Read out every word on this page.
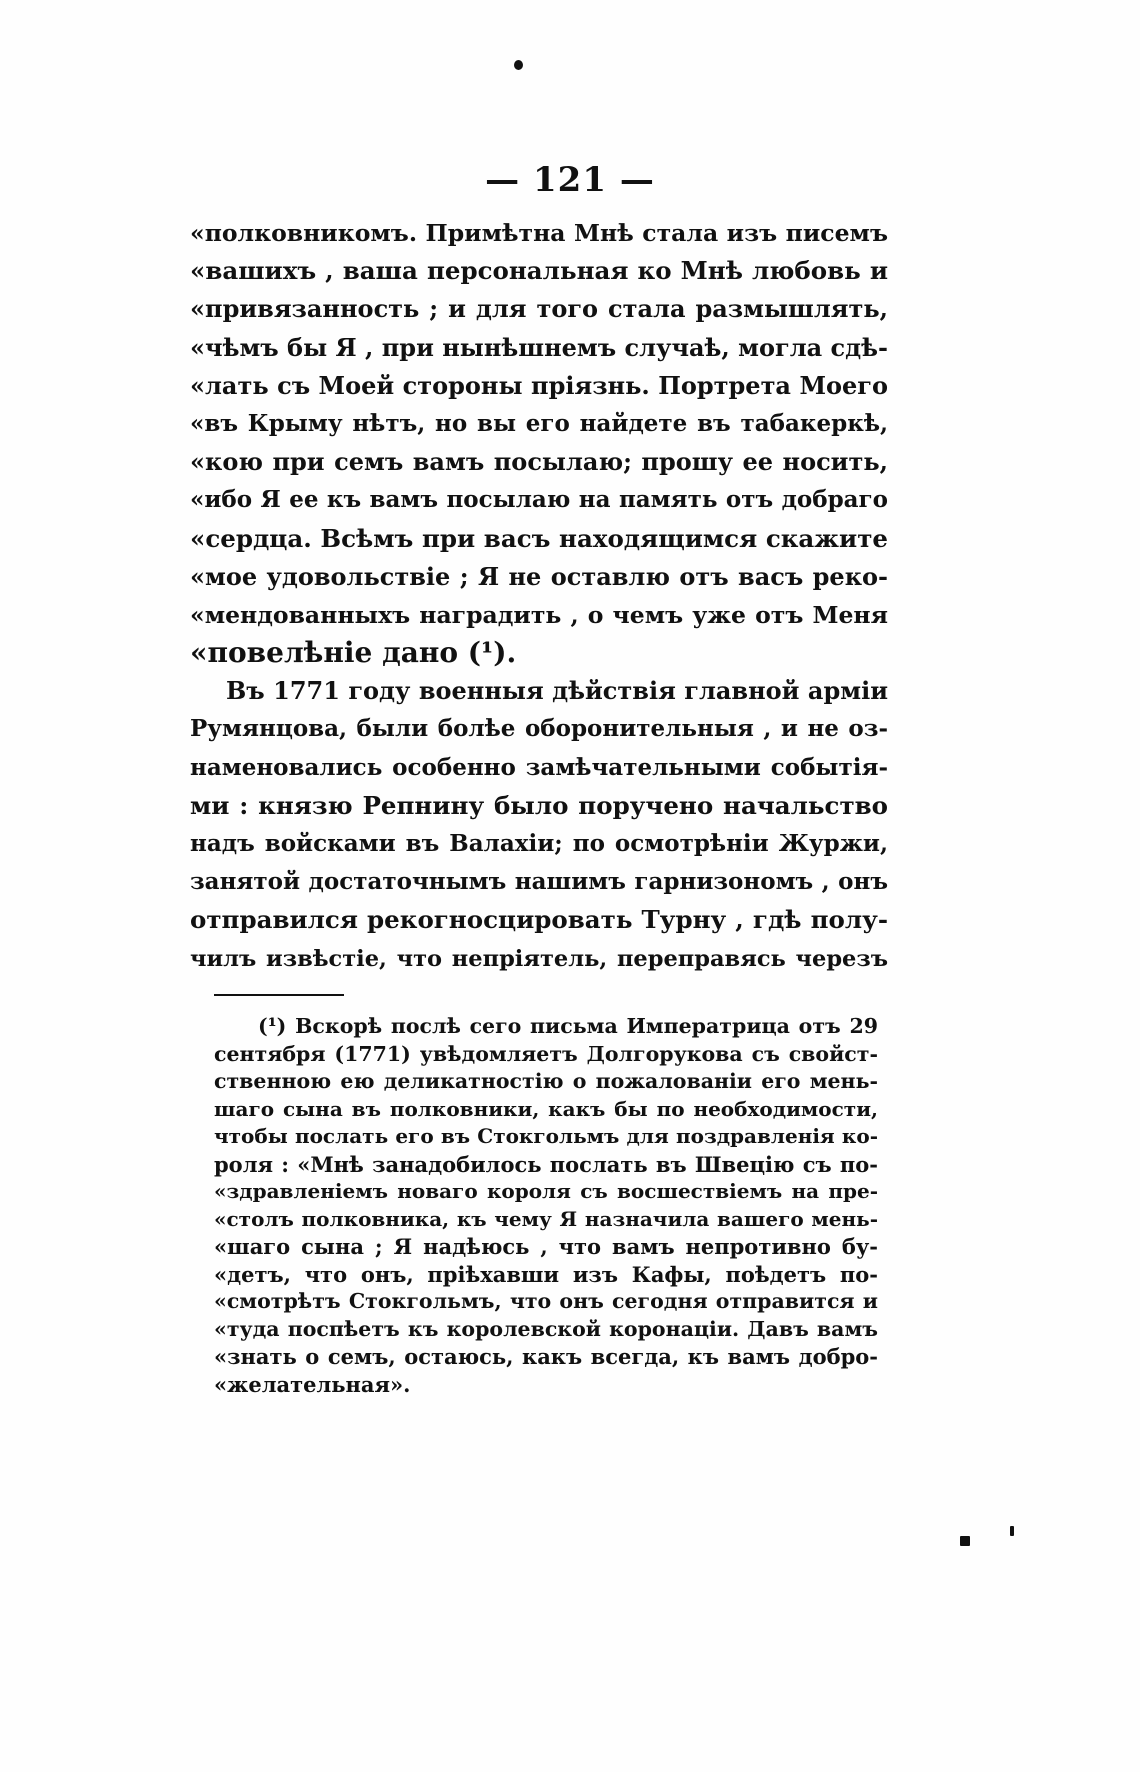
— 121 —
«полковникомъ. Примѣтна Мнѣ стала изъ писемъ
«вашихъ , ваша персональная ко Мнѣ любовь и
«привязанность ; и для того стала размышлять,
«чѣмъ бы Я , при нынѣшнемъ случаѣ, могла сдѣ-
«лать съ Моей стороны пріязнь. Портрета Моего
«въ Крыму нѣтъ, но вы его найдете въ табакеркѣ,
«кою при семъ вамъ посылаю; прошу ее носить,
«ибо Я ее къ вамъ посылаю на память отъ добраго
«сердца. Всѣмъ при васъ находящимся скажите
«мое удовольствіе ; Я не оставлю отъ васъ реко-
«мендованныхъ наградить , о чемъ уже отъ Меня
«повелѣніе дано (¹).
Въ 1771 году военныя дѣйствія главной арміи
Румянцова, были болѣе оборонительныя , и не оз-
наменовались особенно замѣчательными событія-
ми : князю Репнину было поручено начальство
надъ войсками въ Валахіи; по осмотрѣніи Журжи,
занятой достаточнымъ нашимъ гарнизономъ , онъ
отправился рекогносцировать Турну , гдѣ полу-
чилъ извѣстіе, что непріятель, переправясь черезъ
(¹) Вскорѣ послѣ сего письма Императрица отъ 29
сентября (1771) увѣдомляетъ Долгорукова съ свойст-
ственною ею деликатностію о пожалованіи его мень-
шаго сына въ полковники, какъ бы по необходимости,
чтобы послать его въ Стокгольмъ для поздравленія ко-
роля : «Мнѣ занадобилось послать въ Швецію съ по-
«здравленіемъ новаго короля съ восшествіемъ на пре-
«столъ полковника, къ чему Я назначила вашего мень-
«шаго сына ; Я надѣюсь , что вамъ непротивно бу-
«детъ, что онъ, пріѣхавши изъ Кафы, поѣдетъ по-
«смотрѣтъ Стокгольмъ, что онъ сегодня отправится и
«туда поспѣетъ къ королевской коронаціи. Давъ вамъ
«знать о семъ, остаюсь, какъ всегда, къ вамъ добро-
«желательная».
